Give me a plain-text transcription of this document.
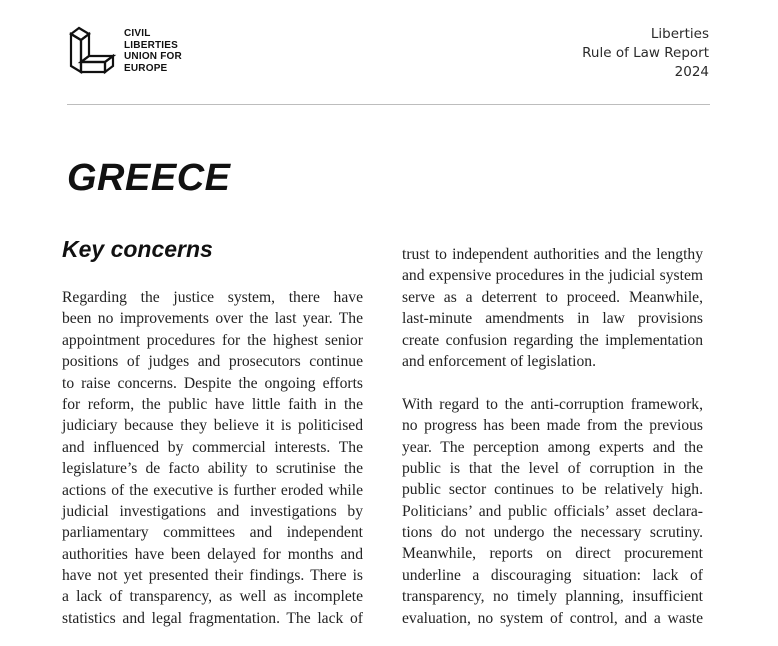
CIVIL
LIBERTIES
UNION FOR
EUROPE
Liberties
Rule of Law Report
2024
GREECE
Key concerns
Regarding the justice system, there have
been no improvements over the last year. The
appointment procedures for the highest senior
positions of judges and prosecutors continue
to raise concerns. Despite the ongoing efforts
for reform, the public have little faith in the
judiciary because they believe it is politicised
and influenced by commercial interests. The
legislature’s de facto ability to scrutinise the
actions of the executive is further eroded while
judicial investigations and investigations by
parliamentary committees and independent
authorities have been delayed for months and
have not yet presented their findings. There is
a lack of transparency, as well as incomplete
statistics and legal fragmentation. The lack of
trust to independent authorities and the lengthy
and expensive procedures in the judicial system
serve as a deterrent to proceed. Meanwhile,
last-minute amendments in law provisions
create confusion regarding the implementation
and enforcement of legislation.
With regard to the anti-corruption framework,
no progress has been made from the previous
year. The perception among experts and the
public is that the level of corruption in the
public sector continues to be relatively high.
Politicians’ and public officials’ asset declara-
tions do not undergo the necessary scrutiny.
Meanwhile, reports on direct procurement
underline a discouraging situation: lack of
transparency, no timely planning, insufficient
evaluation, no system of control, and a waste
